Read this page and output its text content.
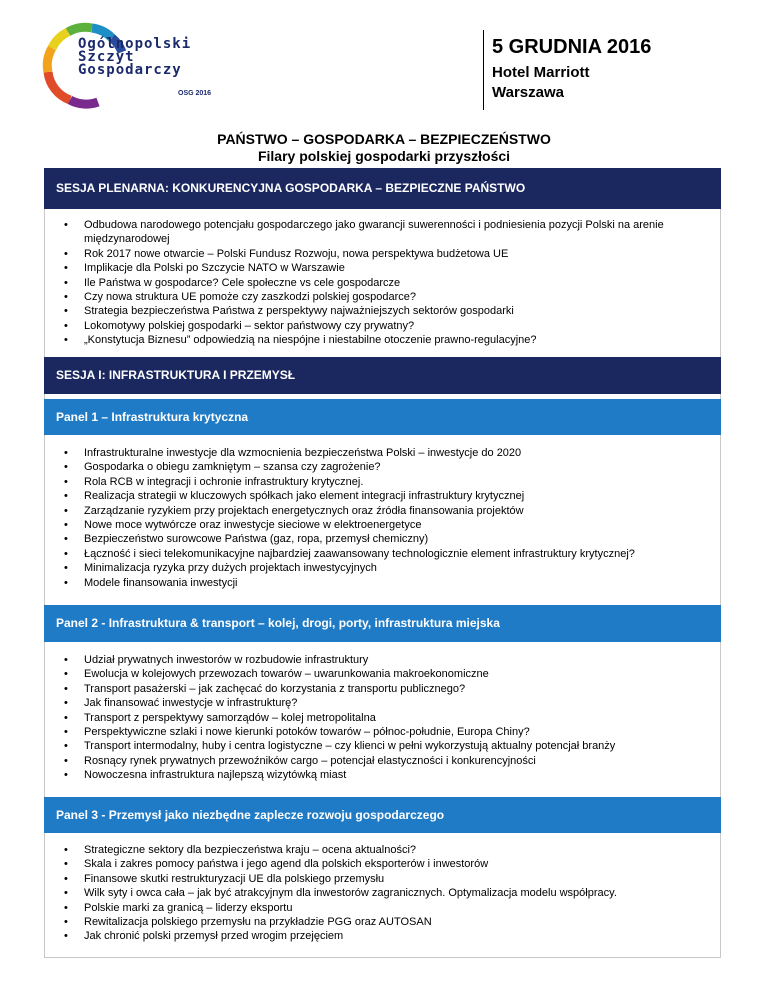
Ogólnopolski
Szczyt
Gospodarczy
OSG 2016
5 GRUDNIA 2016
Hotel Marriott
Warszawa
PAŃSTWO – GOSPODARKA – BEZPIECZEŃSTWO
Filary polskiej gospodarki przyszłości
SESJA PLENARNA: KONKURENCYJNA GOSPODARKA – BEZPIECZNE PAŃSTWO
• Odbudowa narodowego potencjału gospodarczego jako gwarancji suwerenności i podniesienia pozycji Polski na arenie międzynarodowej
• Rok 2017 nowe otwarcie – Polski Fundusz Rozwoju, nowa perspektywa budżetowa UE
• Implikacje dla Polski po Szczycie NATO w Warszawie
• Ile Państwa w gospodarce? Cele społeczne vs cele gospodarcze
• Czy nowa struktura UE pomoże czy zaszkodzi polskiej gospodarce?
• Strategia bezpieczeństwa Państwa z perspektywy najważniejszych sektorów gospodarki
• Lokomotywy polskiej gospodarki – sektor państwowy czy prywatny?
• „Konstytucja Biznesu” odpowiedzią na niespójne i niestabilne otoczenie prawno-regulacyjne?
SESJA I: INFRASTRUKTURA I PRZEMYSŁ
Panel 1 – Infrastruktura krytyczna
• Infrastrukturalne inwestycje dla wzmocnienia bezpieczeństwa Polski – inwestycje do 2020
• Gospodarka o obiegu zamkniętym – szansa czy zagrożenie?
• Rola RCB w integracji i ochronie infrastruktury krytycznej.
• Realizacja strategii w kluczowych spółkach jako element integracji infrastruktury krytycznej
• Zarządzanie ryzykiem przy projektach energetycznych oraz źródła finansowania projektów
• Nowe moce wytwórcze oraz inwestycje sieciowe w elektroenergetyce
• Bezpieczeństwo surowcowe Państwa (gaz, ropa, przemysł chemiczny)
• Łączność i sieci telekomunikacyjne najbardziej zaawansowany technologicznie element infrastruktury krytycznej?
• Minimalizacja ryzyka przy dużych projektach inwestycyjnych
• Modele finansowania inwestycji
Panel 2 - Infrastruktura & transport – kolej, drogi, porty, infrastruktura miejska
• Udział prywatnych inwestorów w rozbudowie infrastruktury
• Ewolucja w kolejowych przewozach towarów – uwarunkowania makroekonomiczne
• Transport pasażerski – jak zachęcać do korzystania z transportu publicznego?
• Jak finansować inwestycje w infrastrukturę?
• Transport z perspektywy samorządów – kolej metropolitalna
• Perspektywiczne szlaki i nowe kierunki potoków towarów – północ-południe, Europa Chiny?
• Transport intermodalny, huby i centra logistyczne – czy klienci w pełni wykorzystują aktualny potencjał branży
• Rosnący rynek prywatnych przewoźników cargo – potencjał elastyczności i konkurencyjności
• Nowoczesna infrastruktura najlepszą wizytówką miast
Panel 3 - Przemysł jako niezbędne zaplecze rozwoju gospodarczego
• Strategiczne sektory dla bezpieczeństwa kraju – ocena aktualności?
• Skala i zakres pomocy państwa i jego agend dla polskich eksporterów i inwestorów
• Finansowe skutki restrukturyzacji UE dla polskiego przemysłu
• Wilk syty i owca cała – jak być atrakcyjnym dla inwestorów zagranicznych. Optymalizacja modelu współpracy.
• Polskie marki za granicą – liderzy eksportu
• Rewitalizacja polskiego przemysłu na przykładzie PGG oraz AUTOSAN
• Jak chronić polski przemysł przed wrogim przejęciem
